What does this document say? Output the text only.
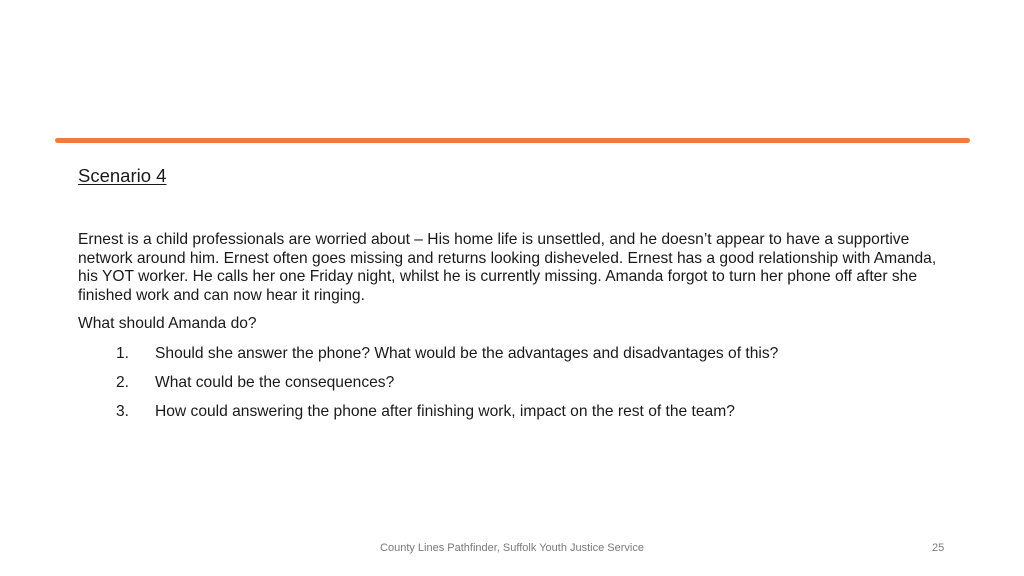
Scenario 4

Ernest is a child professionals are worried about – His home life is unsettled, and he doesn’t appear to have a supportive network around him. Ernest often goes missing and returns looking disheveled. Ernest has a good relationship with Amanda, his YOT worker. He calls her one Friday night, whilst he is currently missing. Amanda forgot to turn her phone off after she finished work and can now hear it ringing.

What should Amanda do?

1. Should she answer the phone? What would be the advantages and disadvantages of this?
2. What could be the consequences?
3. How could answering the phone after finishing work, impact on the rest of the team?

County Lines Pathfinder, Suffolk Youth Justice Service	25
